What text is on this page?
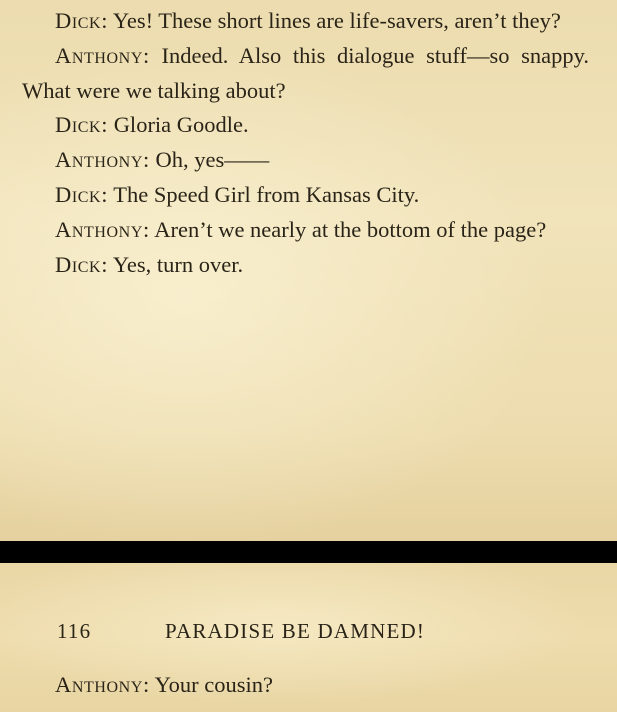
Dick: Yes! These short lines are life-savers, aren’t they?

Anthony: Indeed. Also this dialogue stuff—so snappy. What were we talking about?

Dick: Gloria Goodle.

Anthony: Oh, yes——

Dick: The Speed Girl from Kansas City.

Anthony: Aren’t we nearly at the bottom of the page?

Dick: Yes, turn over.

116	PARADISE BE DAMNED!

Anthony: Your cousin?
